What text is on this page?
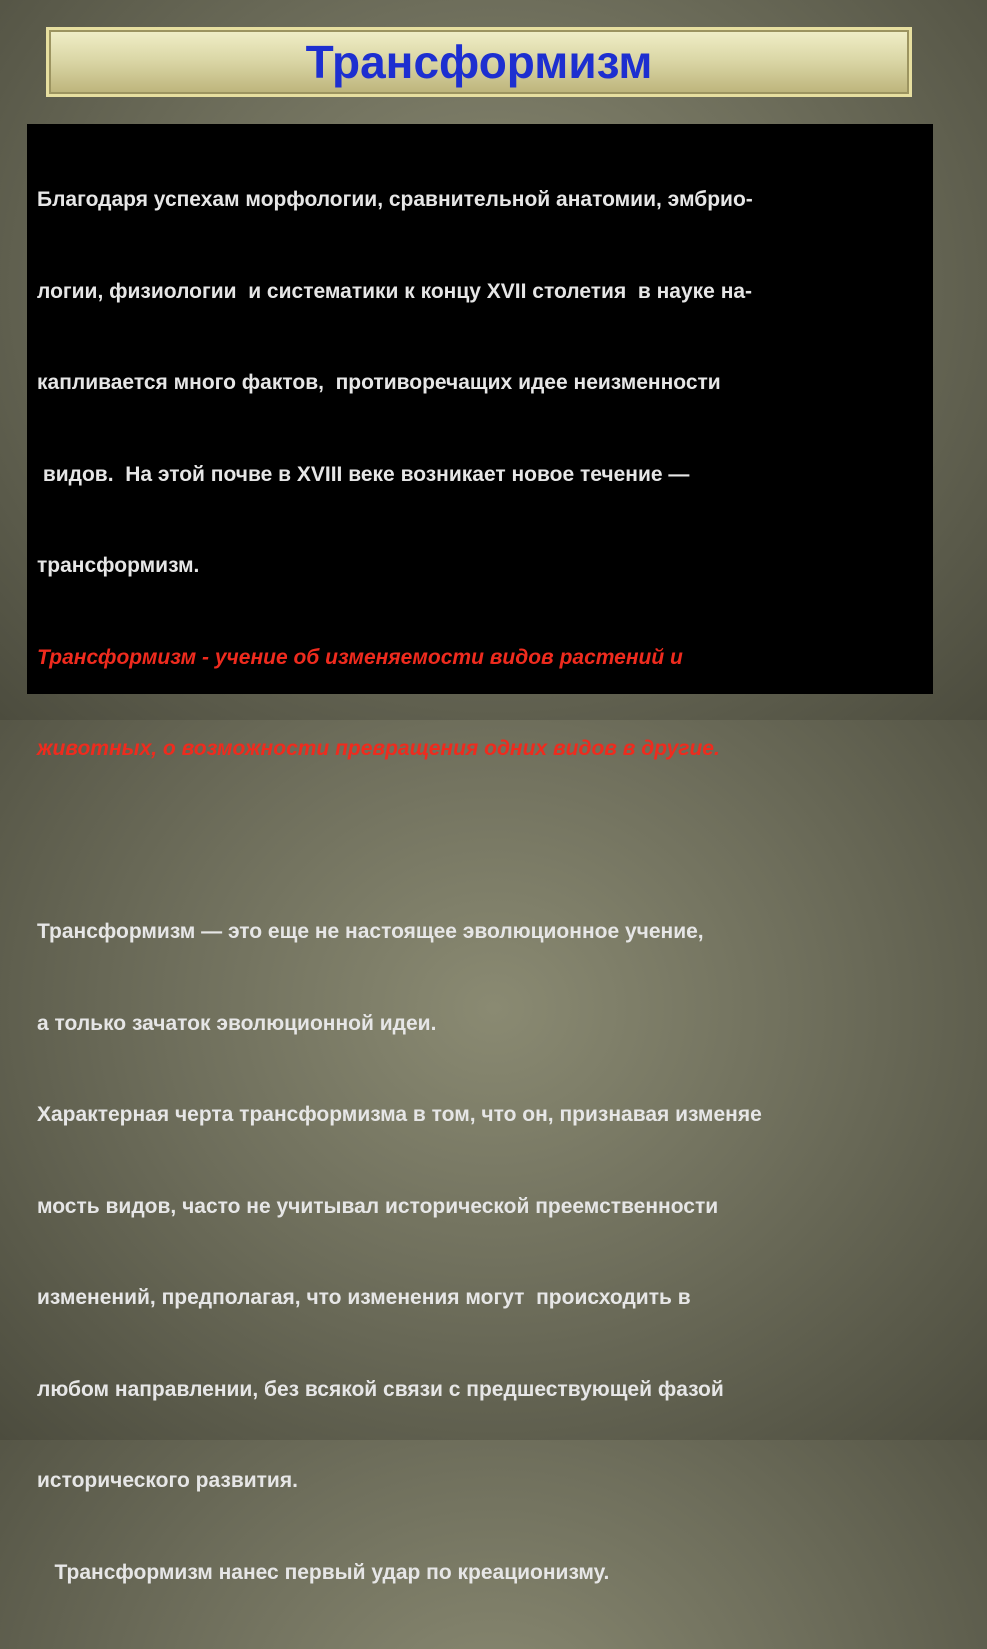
Трансформизм

Благодаря успехам морфологии, сравнительной анатомии, эмбрио-

логии, физиологии  и систематики к концу XVII столетия  в науке на-

капливается много фактов,  противоречащих идее неизменности

видов.  На этой почве в XVIII веке возникает новое течение —

трансформизм.

Трансформизм - учение об изменяемости видов растений и

животных, о возможности превращения одних видов в другие.

Трансформизм — это еще не настоящее эволюционное учение,

а только зачаток эволюционной идеи.

Характерная черта трансформизма в том, что он, признавая изменяе

мость видов, часто не учитывал исторической преемственности

изменений, предполагая, что изменения могут  происходить в

любом направлении, без всякой связи с предшествующей фазой

исторического развития.

Трансформизм нанес первый удар по креационизму.
